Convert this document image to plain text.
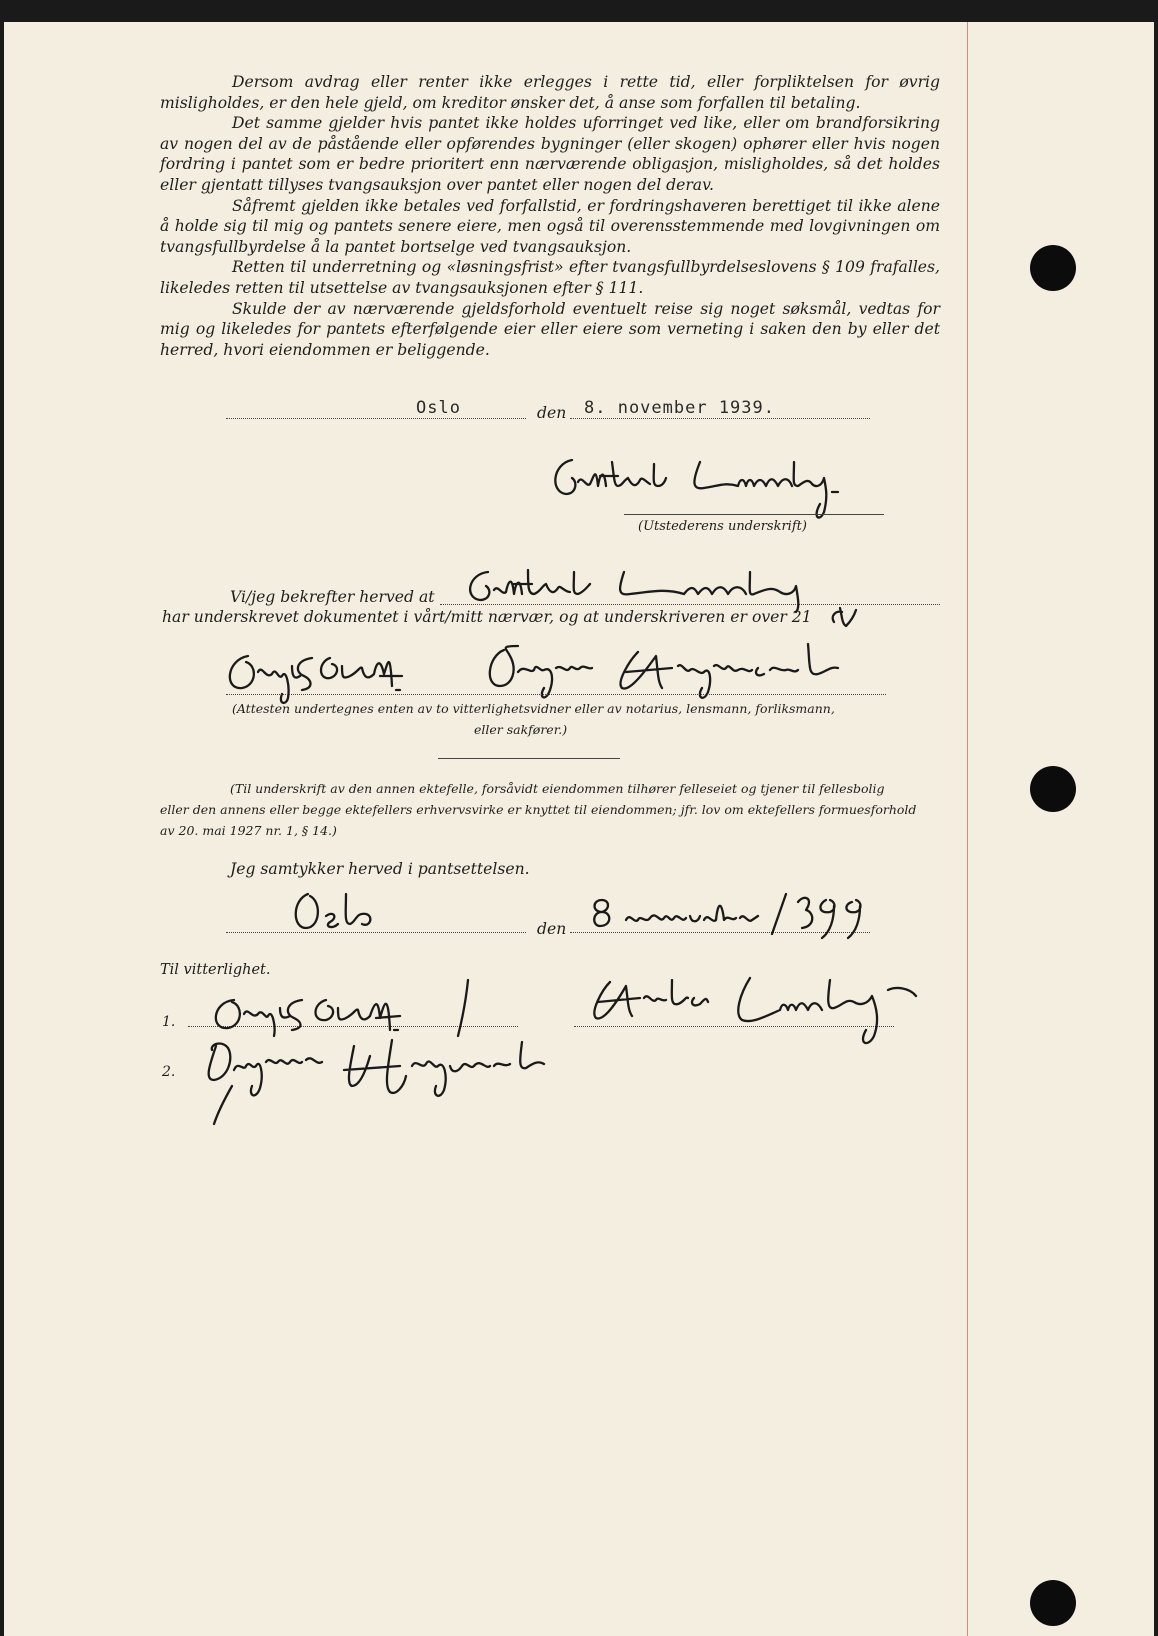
Dersom avdrag eller renter ikke erlegges i rette tid, eller forpliktelsen for øvrig misligholdes, er den hele gjeld, om kreditor ønsker det, å anse som forfallen til betaling.

Det samme gjelder hvis pantet ikke holdes uforringet ved like, eller om brandforsikring av nogen del av de påstående eller opførendes bygninger (eller skogen) ophører eller hvis nogen fordring i pantet som er bedre prioritert enn nærværende obligasjon, misligholdes, så det holdes eller gjentatt tillyses tvangsauksjon over pantet eller nogen del derav.

Såfremt gjelden ikke betales ved forfallstid, er fordringshaveren berettiget til ikke alene å holde sig til mig og pantets senere eiere, men også til overensstemmende med lovgivningen om tvangsfullbyrdelse å la pantet bortselge ved tvangsauksjon.

Retten til underretning og «løsningsfrist» efter tvangsfullbyrdelseslovens § 109 frafalles, likeledes retten til utsettelse av tvangsauksjonen efter § 111.

Skulde der av nærværende gjeldsforhold eventuelt reise sig noget søksmål, vedtas for mig og likeledes for pantets efterfølgende eier eller eiere som verneting i saken den by eller det herred, hvori eiendommen er beliggende.

Oslo	den 8. november 1939.
(Utstederens underskrift)
Vi/jeg bekrefter herved at
har underskrevet dokumentet i vårt/mitt nærvær, og at underskriveren er over 21
(Attesten undertegnes enten av to vitterlighetsvidner eller av notarius, lensmann, forliksmann,
eller sakfører.)
(Til underskrift av den annen ektefelle, forsåvidt eiendommen tilhører felleseiet og tjener til fellesbolig
eller den annens eller begge ektefellers erhvervsvirke er knyttet til eiendommen; jfr. lov om ektefellers formuesforhold
av 20. mai 1927 nr. 1, § 14.)
Jeg samtykker herved i pantsettelsen.
den
Til vitterlighet.
1.
2.
